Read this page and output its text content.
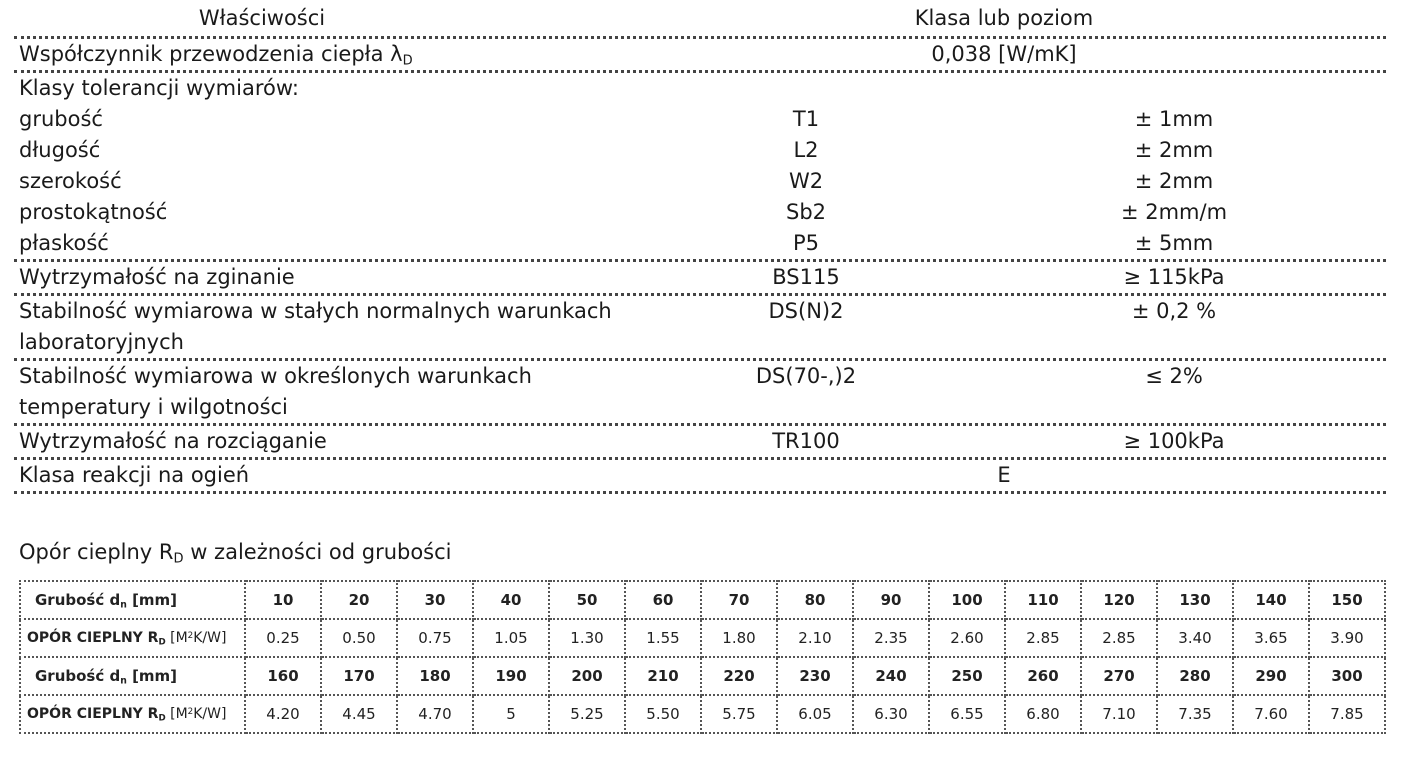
Właściwości	Klasa lub poziom
Współczynnik przewodzenia ciepła $\lambda_D$	0,038 [W/mK]
Klasy tolerancji wymiarów:
grubość	T1	± 1mm
długość	L2	± 2mm
szerokość	W2	± 2mm
prostokątność	Sb2	± 2mm/m
płaskość	P5	± 5mm
Wytrzymałość na zginanie	BS115	≥ 115kPa
Stabilność wymiarowa w stałych normalnych warunkach	DS(N)2	± 0,2 %
laboratoryjnych
Stabilność wymiarowa w określonych warunkach	DS(70-,)2	≤ 2%
temperatury i wilgotności
Wytrzymałość na rozciąganie	TR100	≥ 100kPa
Klasa reakcji na ogień	E
Opór cieplny $R_D$ w zależności od grubości
Grubość $d_n$ [mm]	10	20	30	40	50	60	70	80	90	100	110	120	130	140	150
OPÓR CIEPLNY $R_D$ $[M^2K/W]$	0.25	0.50	0.75	1.05	1.30	1.55	1.80	2.10	2.35	2.60	2.85	2.85	3.40	3.65	3.90
Grubość $d_n$ [mm]	160	170	180	190	200	210	220	230	240	250	260	270	280	290	300
OPÓR CIEPLNY $R_D$ $[M^2K/W]$	4.20	4.45	4.70	5	5.25	5.50	5.75	6.05	6.30	6.55	6.80	7.10	7.35	7.60	7.85
